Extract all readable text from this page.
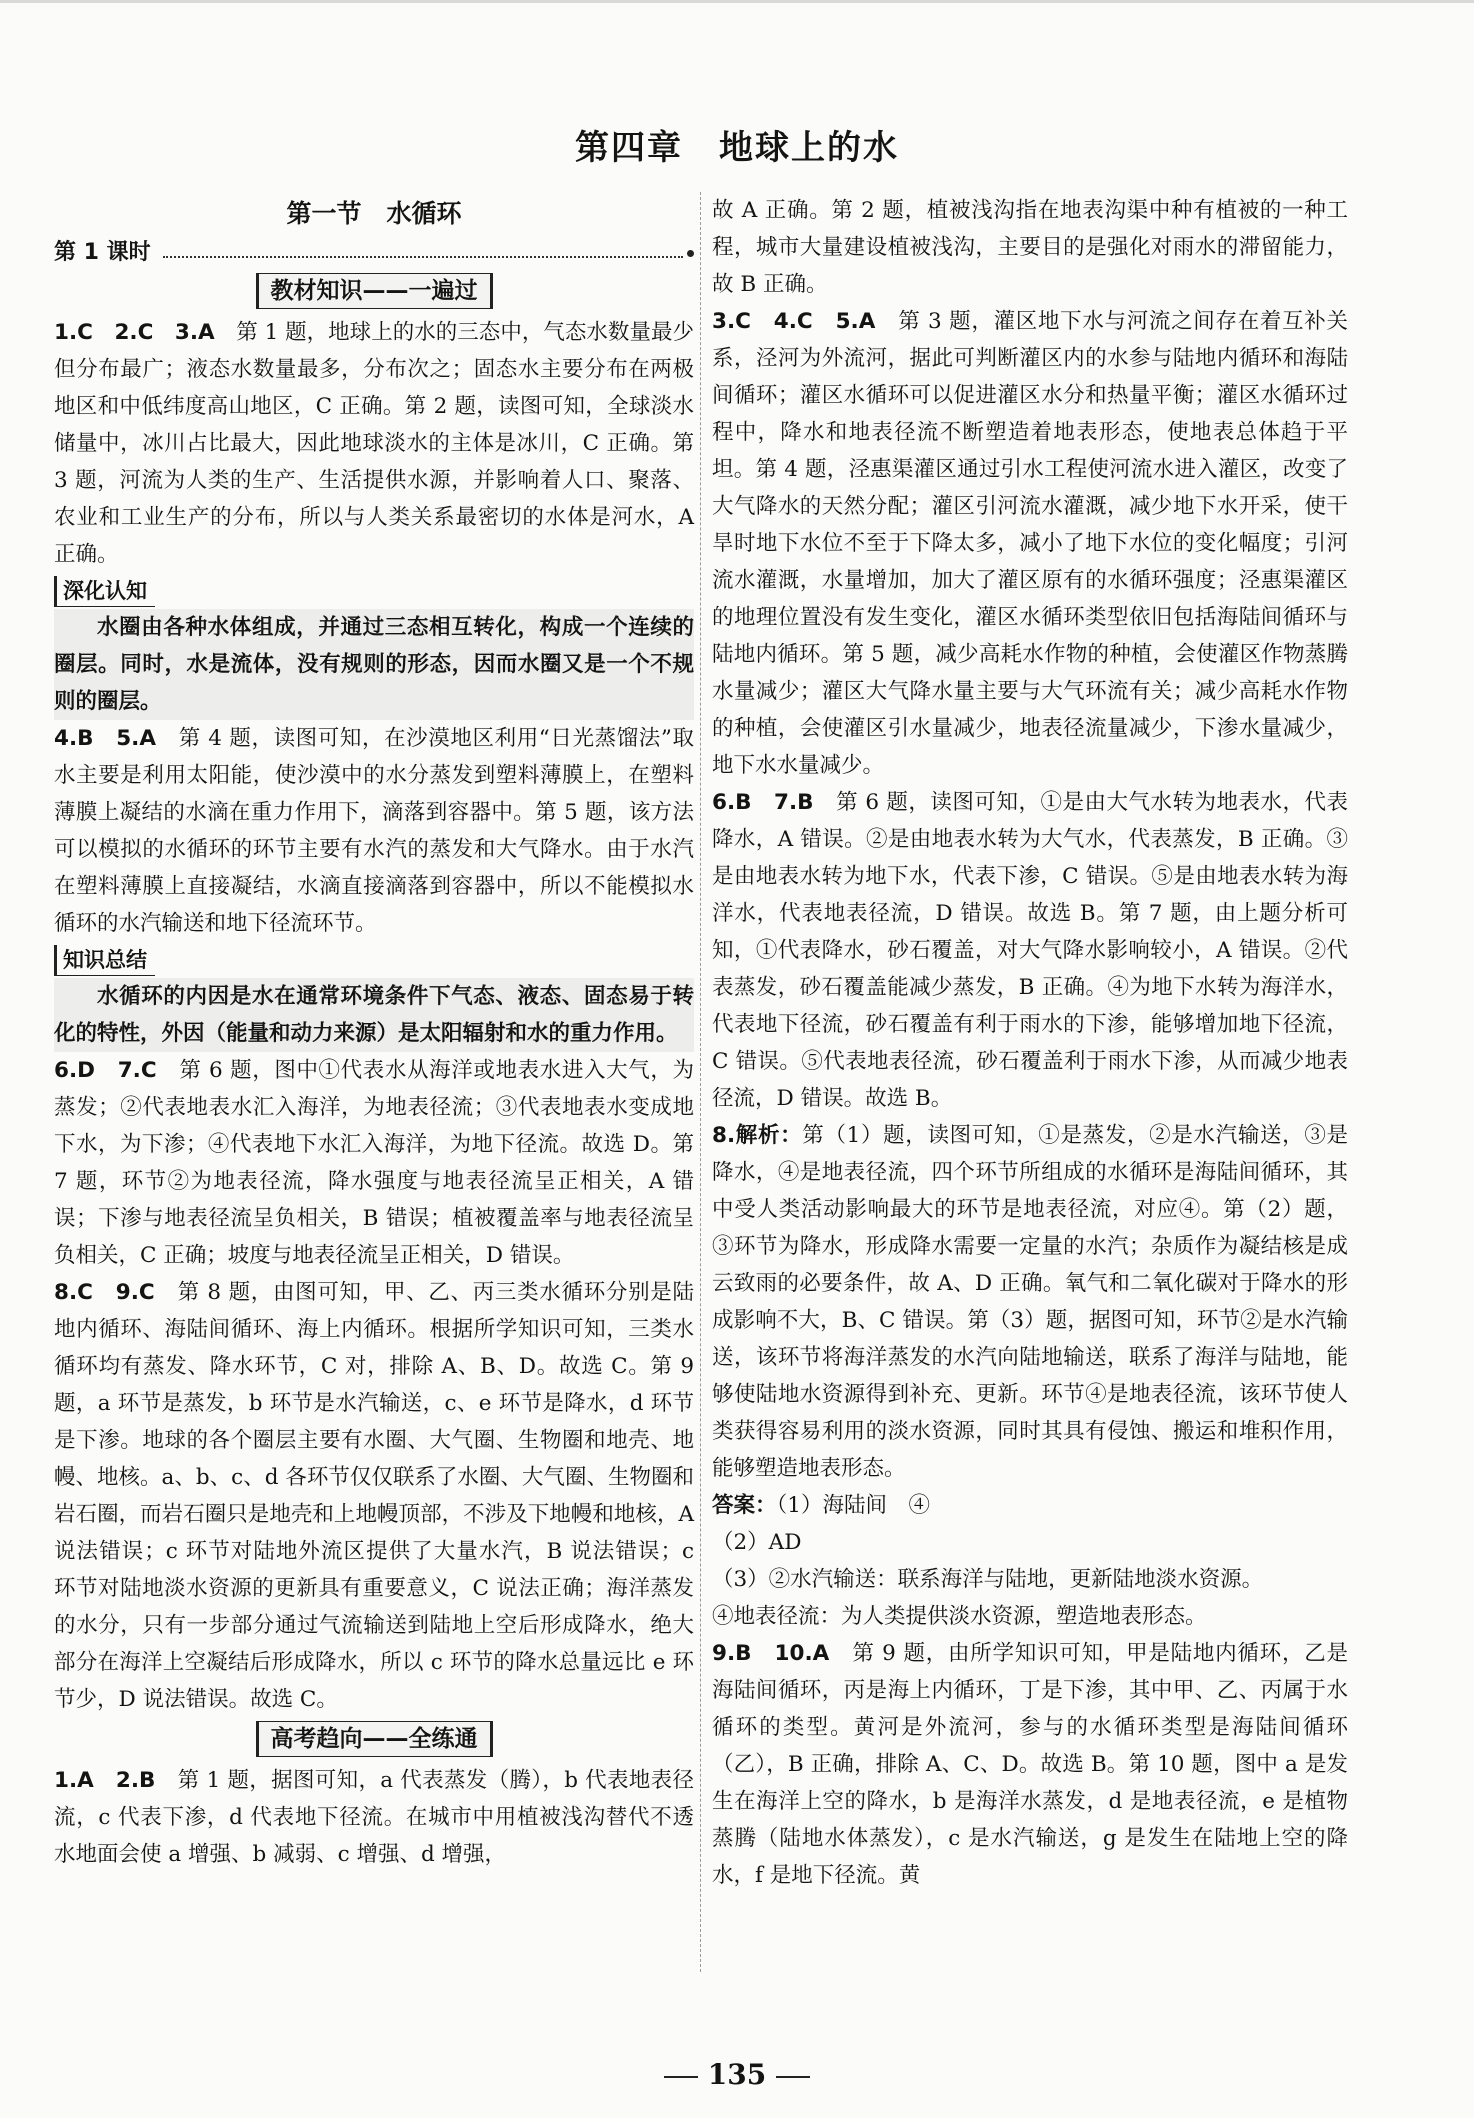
第四章　地球上的水
第一节　水循环
第 1 课时
教材知识——一遍过

1.C　2.C　3.A　 第 1 题，地球上的水的三态中，气态水数量最少但分布最广；液态水数量最多，分布次之；固态水主要分布在两极地区和中低纬度高山地区，C 正确。第 2 题，读图可知，全球淡水储量中，冰川占比最大，因此地球淡水的主体是冰川，C 正确。第 3 题，河流为人类的生产、生活提供水源，并影响着人口、聚落、农业和工业生产的分布，所以与人类关系最密切的水体是河水，A 正确。

深化认知

水圈由各种水体组成，并通过三态相互转化，构成一个连续的圈层。同时，水是流体，没有规则的形态，因而水圈又是一个不规则的圈层。

4.B　5.A　 第 4 题，读图可知，在沙漠地区利用“日光蒸馏法”取水主要是利用太阳能，使沙漠中的水分蒸发到塑料薄膜上，在塑料薄膜上凝结的水滴在重力作用下，滴落到容器中。第 5 题，该方法可以模拟的水循环的环节主要有水汽的蒸发和大气降水。由于水汽在塑料薄膜上直接凝结，水滴直接滴落到容器中，所以不能模拟水循环的水汽输送和地下径流环节。

知识总结

水循环的内因是水在通常环境条件下气态、液态、固态易于转化的特性，外因（能量和动力来源）是太阳辐射和水的重力作用。

6.D　7.C　 第 6 题，图中①代表水从海洋或地表水进入大气，为蒸发；②代表地表水汇入海洋，为地表径流；③代表地表水变成地下水，为下渗；④代表地下水汇入海洋，为地下径流。故选 D。第 7 题，环节②为地表径流，降水强度与地表径流呈正相关，A 错误；下渗与地表径流呈负相关，B 错误；植被覆盖率与地表径流呈负相关，C 正确；坡度与地表径流呈正相关，D 错误。

8.C　9.C　 第 8 题，由图可知，甲、乙、丙三类水循环分别是陆地内循环、海陆间循环、海上内循环。根据所学知识可知，三类水循环均有蒸发、降水环节，C 对，排除 A、B、D。故选 C。第 9 题，a 环节是蒸发，b 环节是水汽输送，c、e 环节是降水，d 环节是下渗。地球的各个圈层主要有水圈、大气圈、生物圈和地壳、地幔、地核。a、b、c、d 各环节仅仅联系了水圈、大气圈、生物圈和岩石圈，而岩石圈只是地壳和上地幔顶部，不涉及下地幔和地核，A 说法错误；c 环节对陆地外流区提供了大量水汽，B 说法错误；c 环节对陆地淡水资源的更新具有重要意义，C 说法正确；海洋蒸发的水分，只有一步部分通过气流输送到陆地上空后形成降水，绝大部分在海洋上空凝结后形成降水，所以 c 环节的降水总量远比 e 环节少，D 说法错误。故选 C。

高考趋向——全练通

1.A　2.B　 第 1 题，据图可知，a 代表蒸发（腾），b 代表地表径流，c 代表下渗，d 代表地下径流。在城市中用植被浅沟替代不透水地面会使 a 增强、b 减弱、c 增强、d 增强，

故 A 正确。第 2 题，植被浅沟指在地表沟渠中种有植被的一种工程，城市大量建设植被浅沟，主要目的是强化对雨水的滞留能力，故 B 正确。

3.C　4.C　5.A　 第 3 题，灌区地下水与河流之间存在着互补关系，泾河为外流河，据此可判断灌区内的水参与陆地内循环和海陆间循环；灌区水循环可以促进灌区水分和热量平衡；灌区水循环过程中，降水和地表径流不断塑造着地表形态，使地表总体趋于平坦。第 4 题，泾惠渠灌区通过引水工程使河流水进入灌区，改变了大气降水的天然分配；灌区引河流水灌溉，减少地下水开采，使干旱时地下水位不至于下降太多，减小了地下水位的变化幅度；引河流水灌溉，水量增加，加大了灌区原有的水循环强度；泾惠渠灌区的地理位置没有发生变化，灌区水循环类型依旧包括海陆间循环与陆地内循环。第 5 题，减少高耗水作物的种植，会使灌区作物蒸腾水量减少；灌区大气降水量主要与大气环流有关；减少高耗水作物的种植，会使灌区引水量减少，地表径流量减少，下渗水量减少，地下水水量减少。

6.B　7.B　 第 6 题，读图可知，①是由大气水转为地表水，代表降水，A 错误。②是由地表水转为大气水，代表蒸发，B 正确。③是由地表水转为地下水，代表下渗，C 错误。⑤是由地表水转为海洋水，代表地表径流，D 错误。故选 B。第 7 题，由上题分析可知，①代表降水，砂石覆盖，对大气降水影响较小，A 错误。②代表蒸发，砂石覆盖能减少蒸发，B 正确。④为地下水转为海洋水，代表地下径流，砂石覆盖有利于雨水的下渗，能够增加地下径流，C 错误。⑤代表地表径流，砂石覆盖利于雨水下渗，从而减少地表径流，D 错误。故选 B。

8.解析：第（1）题，读图可知，①是蒸发，②是水汽输送，③是降水，④是地表径流，四个环节所组成的水循环是海陆间循环，其中受人类活动影响最大的环节是地表径流，对应④。第（2）题，③环节为降水，形成降水需要一定量的水汽；杂质作为凝结核是成云致雨的必要条件，故 A、D 正确。氧气和二氧化碳对于降水的形成影响不大，B、C 错误。第（3）题，据图可知，环节②是水汽输送，该环节将海洋蒸发的水汽向陆地输送，联系了海洋与陆地，能够使陆地水资源得到补充、更新。环节④是地表径流，该环节使人类获得容易利用的淡水资源，同时其具有侵蚀、搬运和堆积作用，能够塑造地表形态。

答案：（1）海陆间　④

（2）AD

（3）②水汽输送：联系海洋与陆地，更新陆地淡水资源。

④地表径流：为人类提供淡水资源，塑造地表形态。

9.B　10.A　 第 9 题，由所学知识可知，甲是陆地内循环，乙是海陆间循环，丙是海上内循环，丁是下渗，其中甲、乙、丙属于水循环的类型。黄河是外流河，参与的水循环类型是海陆间循环（乙），B 正确，排除 A、C、D。故选 B。第 10 题，图中 a 是发生在海洋上空的降水，b 是海洋水蒸发，d 是地表径流，e 是植物蒸腾（陆地水体蒸发），c 是水汽输送，g 是发生在陆地上空的降水，f 是地下径流。黄

135
